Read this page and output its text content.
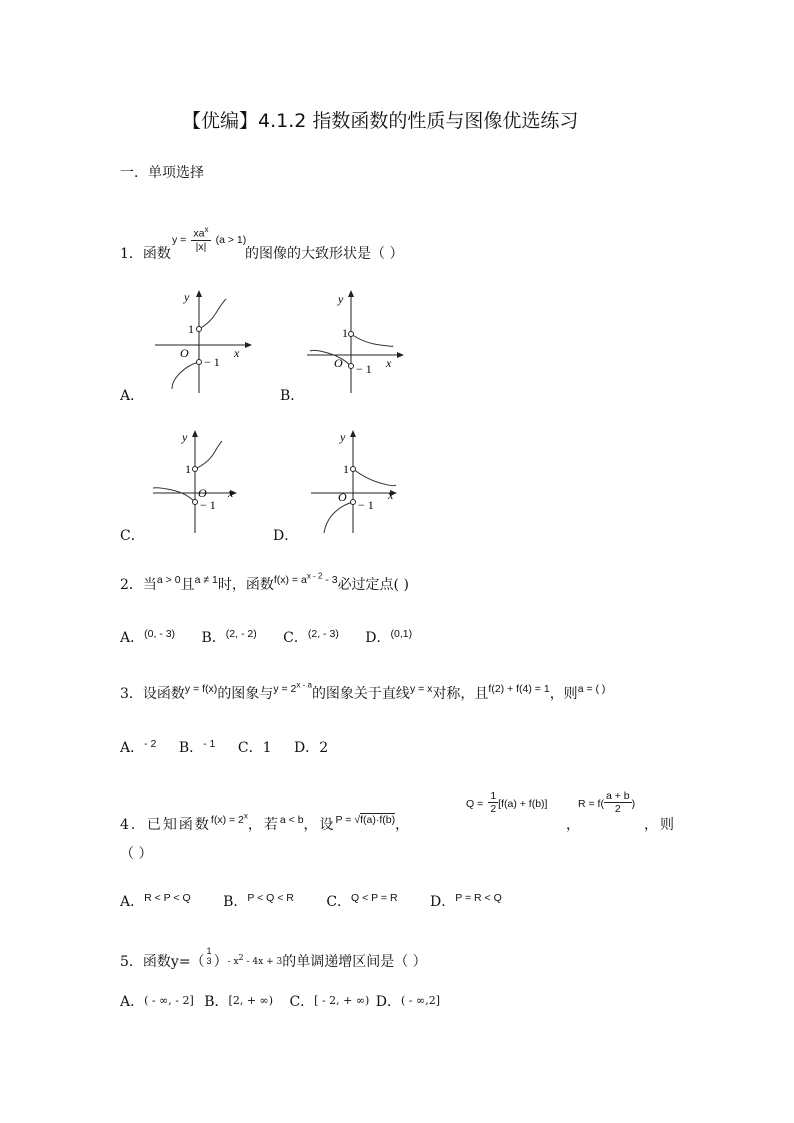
【优编】4.1.2 指数函数的性质与图像优选练习
一．单项选择
1．函数
$y = \frac{xa^x}{|x|} (a > 1)$
的图像的大致形状是（ ）
y
x
O
1
− 1
A．
y
x
O
1
− 1
B．
y
x
O
1
− 1
C．
y
x
O
1
− 1
D．
2．当$^{a > 0}$且$^{a \ne 1}$时，函数$^{f(x) = a^{x - 2} - 3}$必过定点( )
A．$^{(0, - 3)}$ B．$^{(2, - 2)}$ C．$^{(2, - 3)}$ D．$^{(0,1)}$
3．设函数$^{y = f(x)}$的图象与$^{y = 2^{x - a}}$的图象关于直线$^{y = x}$对称，且$^{f(2) + f(4) = 1}$，则$^{a = ( )}$
A．$^{- 2}$ B．$^{- 1}$ C．1 D．2
4．已知函数$^{f(x) = 2^x}$，若$^{a < b}$，设$^{P = √f(a)\cdot f(b)}$，
$Q = \frac{1}{2} [f(a) + f(b)]$
，
$R = f( \frac{a + b}{2}$ )
，则
（ ）
A．$^{R < P < Q}$ B．$^{P < Q < R}$ C．$^{Q < P = R}$ D．$^{P = R < Q}$
5．函数y=（
1
3 ）- $x^2 - 4x + 3$的单调递增区间是（ ）
A．( - ∞, - 2] B．[2, + ∞) C．[ - 2, + ∞) D．( - ∞,2]
